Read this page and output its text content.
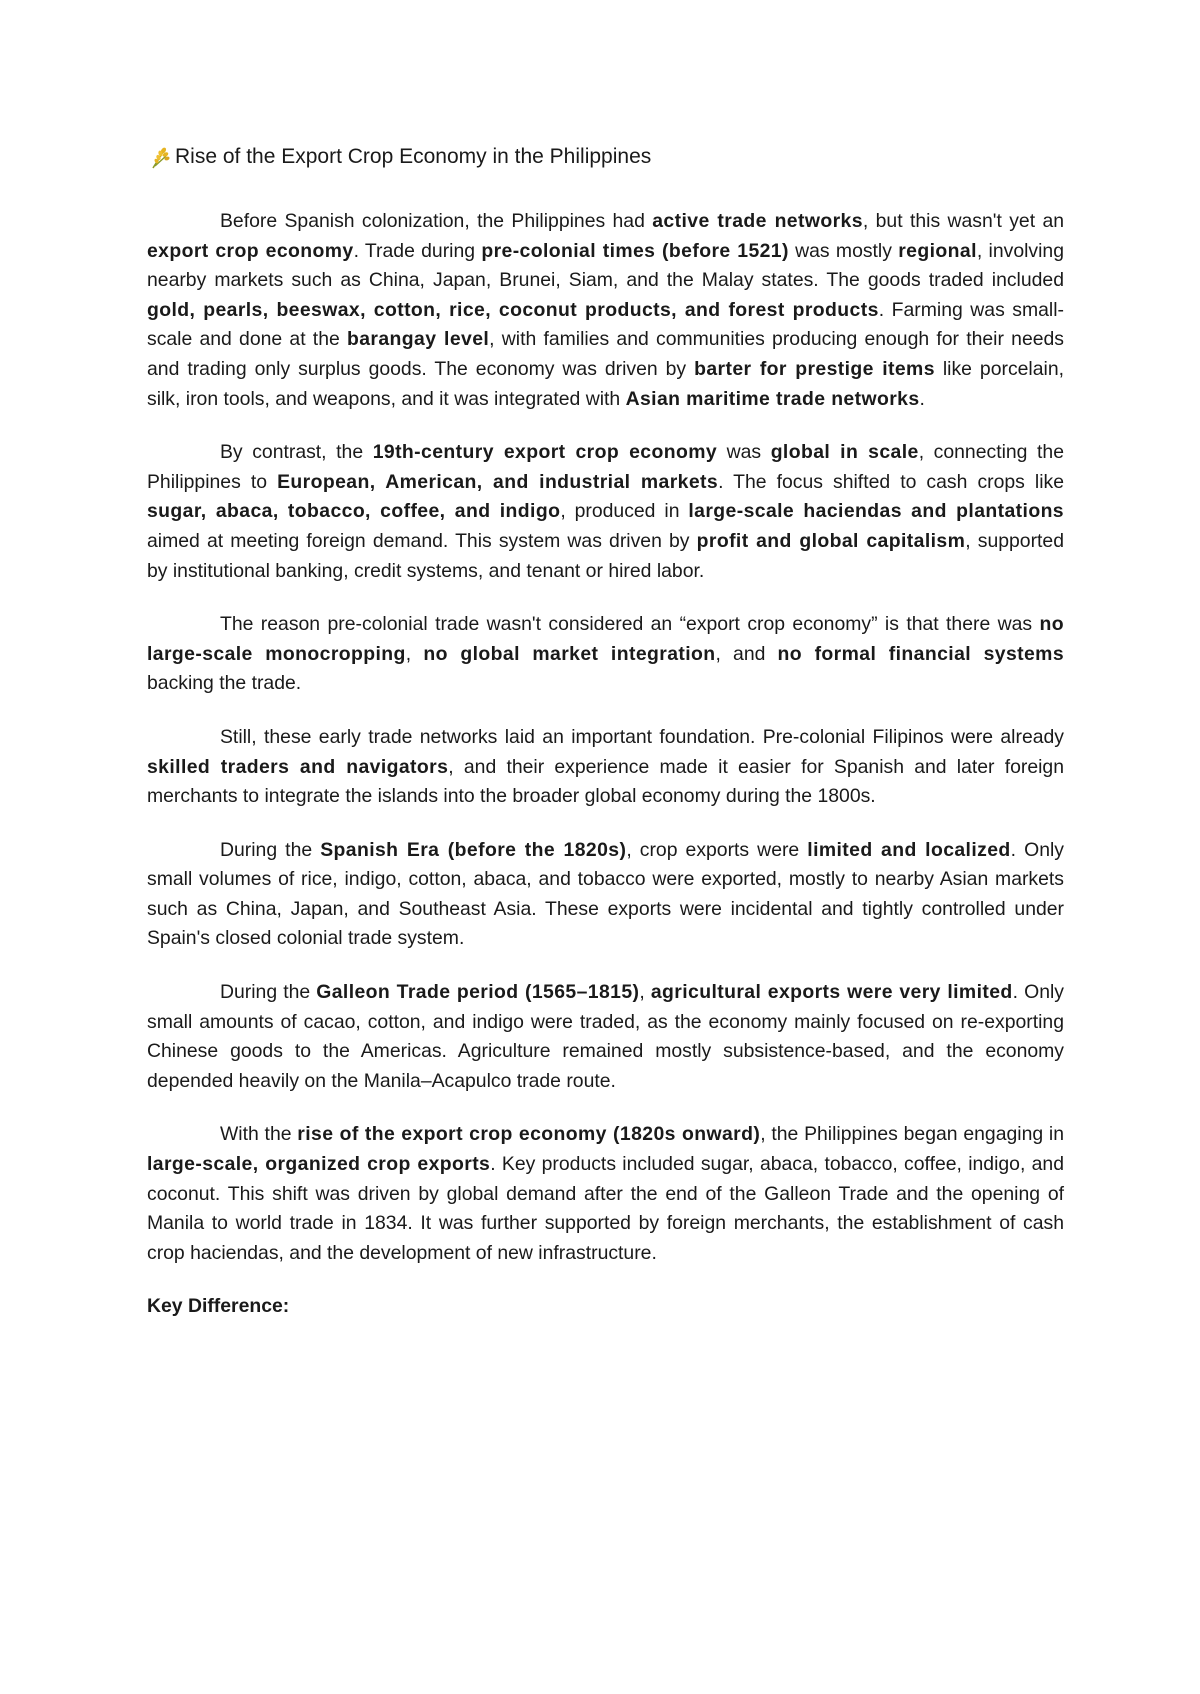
Rise of the Export Crop Economy in the Philippines

Before Spanish colonization, the Philippines had active trade networks, but this wasn't yet an export crop economy. Trade during pre-colonial times (before 1521) was mostly regional, involving nearby markets such as China, Japan, Brunei, Siam, and the Malay states. The goods traded included gold, pearls, beeswax, cotton, rice, coconut products, and forest products. Farming was small-scale and done at the barangay level, with families and communities producing enough for their needs and trading only surplus goods. The economy was driven by barter for prestige items like porcelain, silk, iron tools, and weapons, and it was integrated with Asian maritime trade networks.

By contrast, the 19th-century export crop economy was global in scale, connecting the Philippines to European, American, and industrial markets. The focus shifted to cash crops like sugar, abaca, tobacco, coffee, and indigo, produced in large-scale haciendas and plantations aimed at meeting foreign demand. This system was driven by profit and global capitalism, supported by institutional banking, credit systems, and tenant or hired labor.

The reason pre-colonial trade wasn't considered an “export crop economy” is that there was no large-scale monocropping, no global market integration, and no formal financial systems backing the trade.

Still, these early trade networks laid an important foundation. Pre-colonial Filipinos were already skilled traders and navigators, and their experience made it easier for Spanish and later foreign merchants to integrate the islands into the broader global economy during the 1800s.

During the Spanish Era (before the 1820s), crop exports were limited and localized. Only small volumes of rice, indigo, cotton, abaca, and tobacco were exported, mostly to nearby Asian markets such as China, Japan, and Southeast Asia. These exports were incidental and tightly controlled under Spain's closed colonial trade system.

During the Galleon Trade period (1565–1815), agricultural exports were very limited. Only small amounts of cacao, cotton, and indigo were traded, as the economy mainly focused on re-exporting Chinese goods to the Americas. Agriculture remained mostly subsistence-based, and the economy depended heavily on the Manila–Acapulco trade route.

With the rise of the export crop economy (1820s onward), the Philippines began engaging in large-scale, organized crop exports. Key products included sugar, abaca, tobacco, coffee, indigo, and coconut. This shift was driven by global demand after the end of the Galleon Trade and the opening of Manila to world trade in 1834. It was further supported by foreign merchants, the establishment of cash crop haciendas, and the development of new infrastructure.

Key Difference:
